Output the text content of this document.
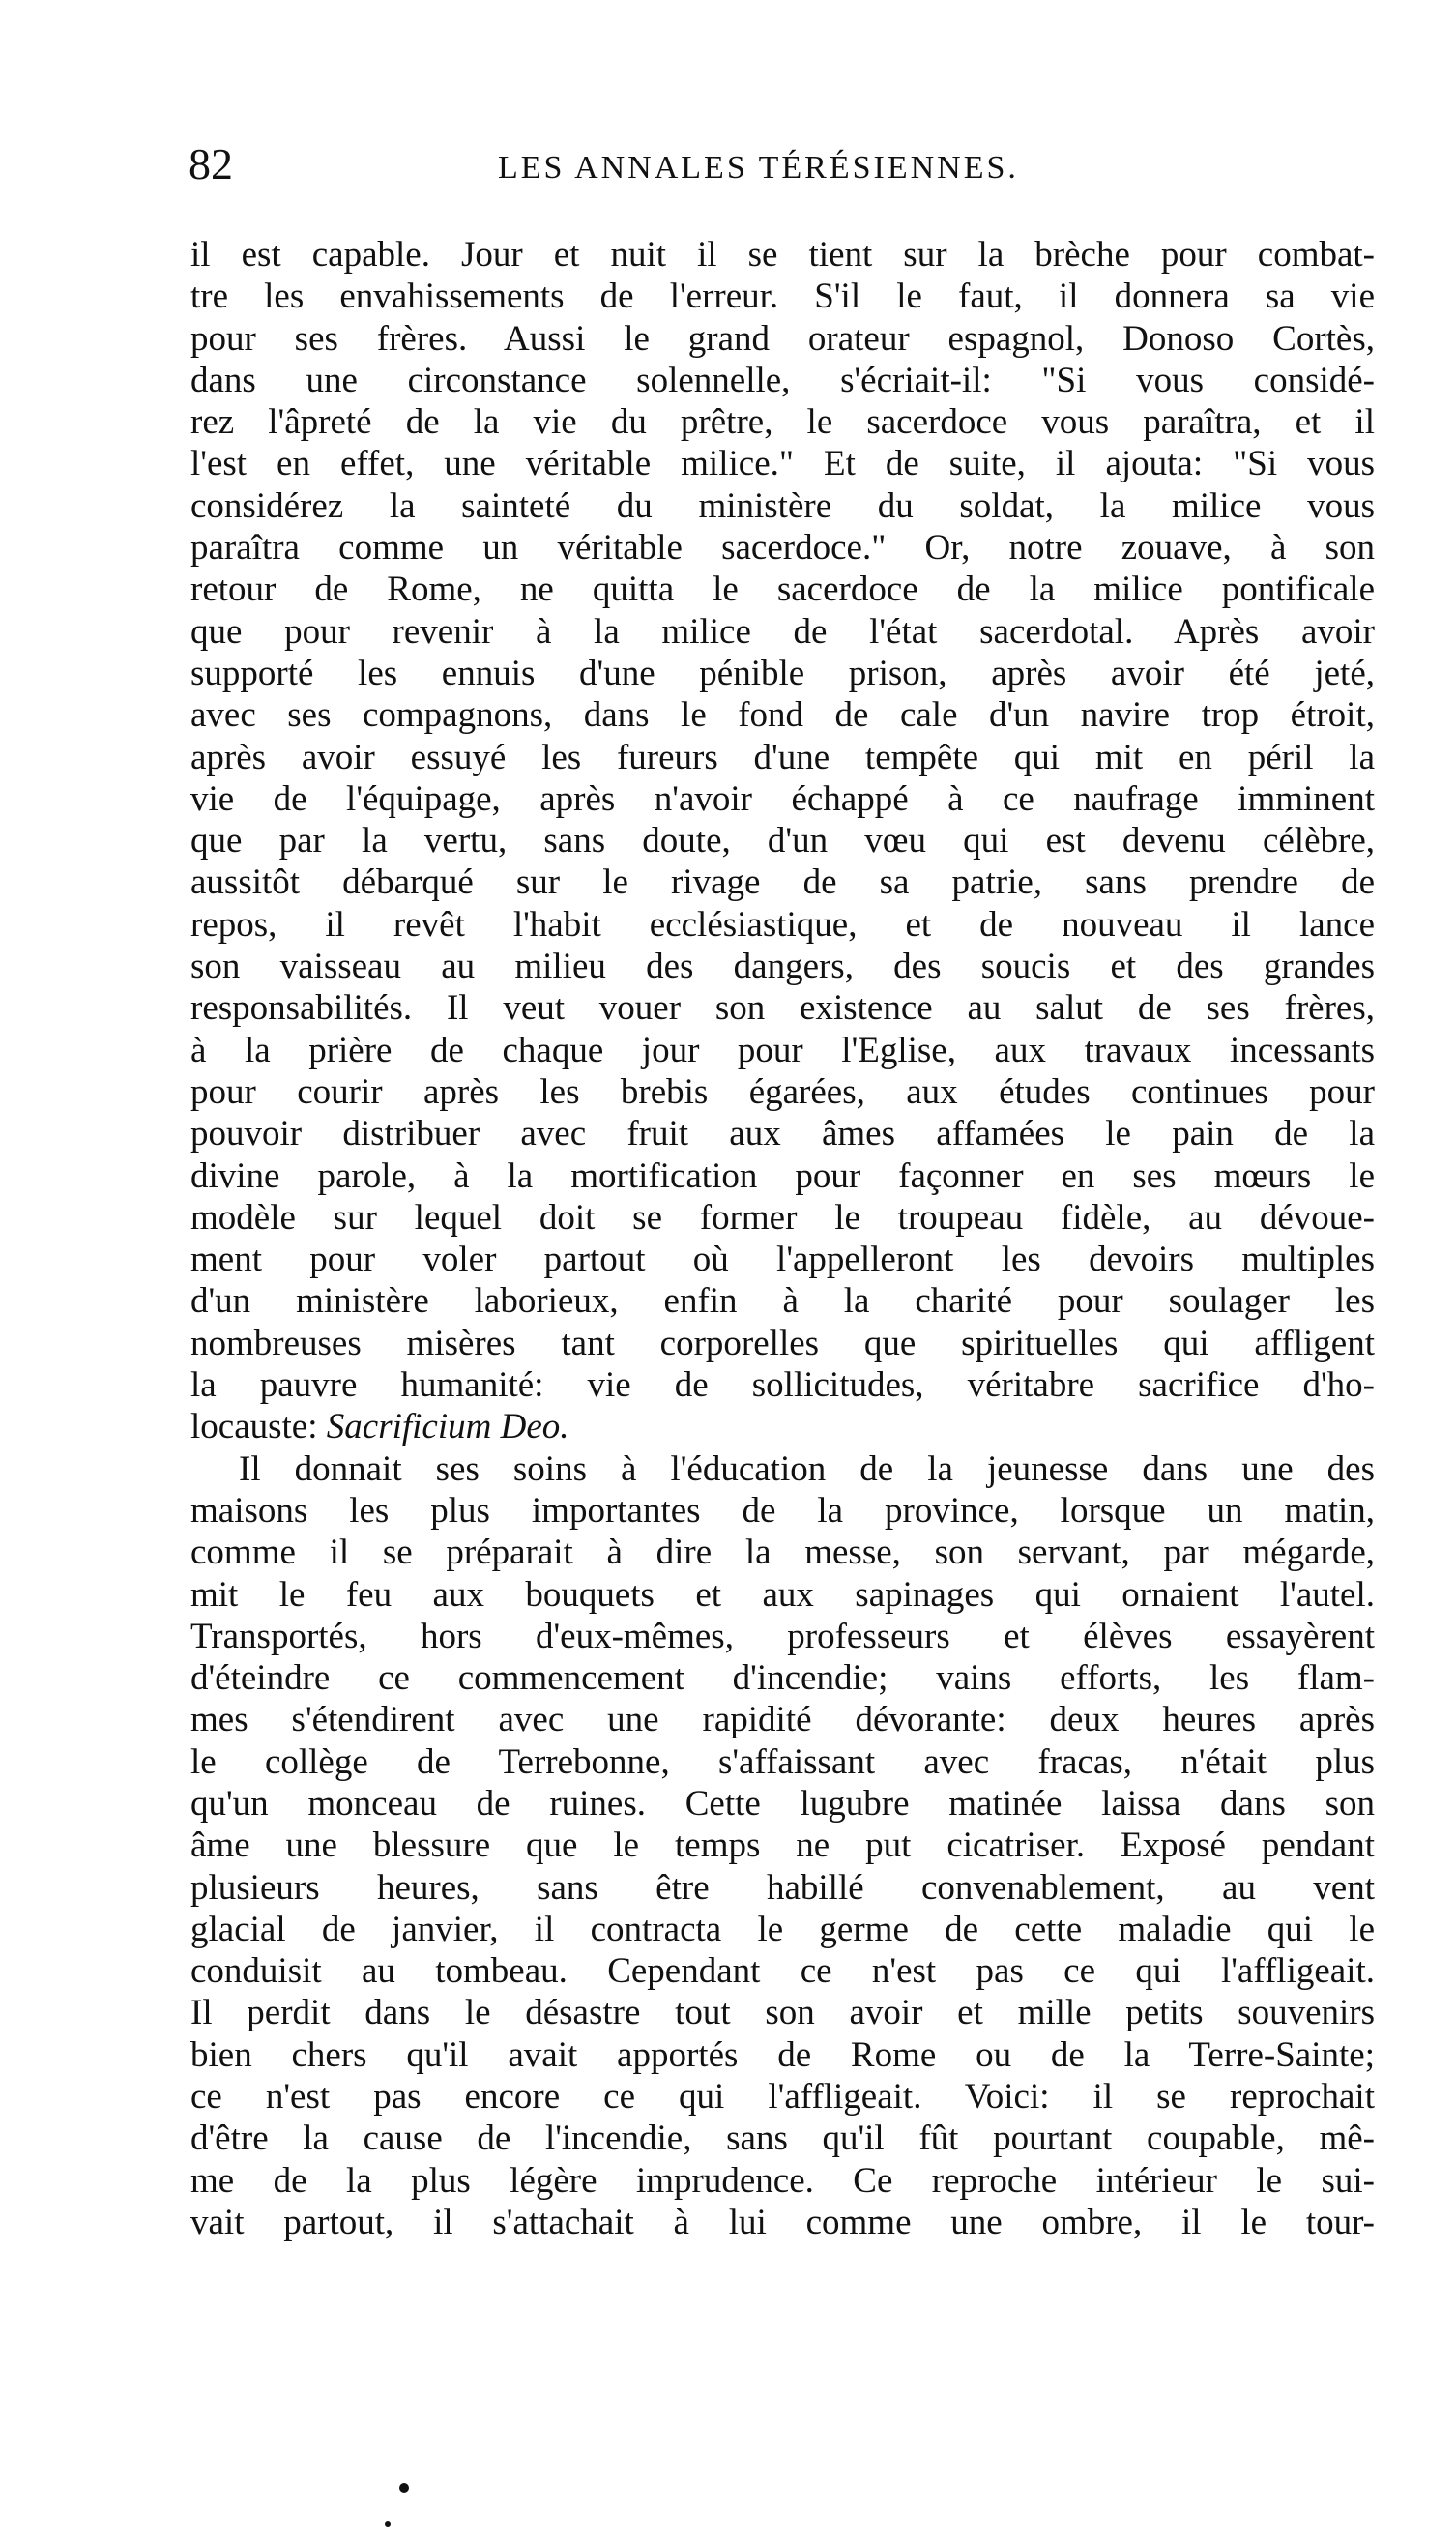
82	LES ANNALES TÉRÉSIENNES.
il est capable. Jour et nuit il se tient sur la brèche pour combat-
tre les envahissements de l'erreur. S'il le faut, il donnera sa vie
pour ses frères. Aussi le grand orateur espagnol, Donoso Cortès,
dans une circonstance solennelle, s'écriait-il: "Si vous considé-
rez l'âpreté de la vie du prêtre, le sacerdoce vous paraîtra, et il
l'est en effet, une véritable milice." Et de suite, il ajouta: "Si vous
considérez la sainteté du ministère du soldat, la milice vous
paraîtra comme un véritable sacerdoce." Or, notre zouave, à son
retour de Rome, ne quitta le sacerdoce de la milice pontificale
que pour revenir à la milice de l'état sacerdotal. Après avoir
supporté les ennuis d'une pénible prison, après avoir été jeté,
avec ses compagnons, dans le fond de cale d'un navire trop étroit,
après avoir essuyé les fureurs d'une tempête qui mit en péril la
vie de l'équipage, après n'avoir échappé à ce naufrage imminent
que par la vertu, sans doute, d'un vœu qui est devenu célèbre,
aussitôt débarqué sur le rivage de sa patrie, sans prendre de
repos, il revêt l'habit ecclésiastique, et de nouveau il lance
son vaisseau au milieu des dangers, des soucis et des grandes
responsabilités. Il veut vouer son existence au salut de ses frères,
à la prière de chaque jour pour l'Eglise, aux travaux incessants
pour courir après les brebis égarées, aux études continues pour
pouvoir distribuer avec fruit aux âmes affamées le pain de la
divine parole, à la mortification pour façonner en ses mœurs le
modèle sur lequel doit se former le troupeau fidèle, au dévoue-
ment pour voler partout où l'appelleront les devoirs multiples
d'un ministère laborieux, enfin à la charité pour soulager les
nombreuses misères tant corporelles que spirituelles qui affligent
la pauvre humanité: vie de sollicitudes, véritabre sacrifice d'ho-
locauste: Sacrificium Deo.
Il donnait ses soins à l'éducation de la jeunesse dans une des
maisons les plus importantes de la province, lorsque un matin,
comme il se préparait à dire la messe, son servant, par mégarde,
mit le feu aux bouquets et aux sapinages qui ornaient l'autel.
Transportés, hors d'eux-mêmes, professeurs et élèves essayèrent
d'éteindre ce commencement d'incendie; vains efforts, les flam-
mes s'étendirent avec une rapidité dévorante: deux heures après
le collège de Terrebonne, s'affaissant avec fracas, n'était plus
qu'un monceau de ruines. Cette lugubre matinée laissa dans son
âme une blessure que le temps ne put cicatriser. Exposé pendant
plusieurs heures, sans être habillé convenablement, au vent
glacial de janvier, il contracta le germe de cette maladie qui le
conduisit au tombeau. Cependant ce n'est pas ce qui l'affligeait.
Il perdit dans le désastre tout son avoir et mille petits souvenirs
bien chers qu'il avait apportés de Rome ou de la Terre-Sainte;
ce n'est pas encore ce qui l'affligeait. Voici: il se reprochait
d'être la cause de l'incendie, sans qu'il fût pourtant coupable, mê-
me de la plus légère imprudence. Ce reproche intérieur le sui-
vait partout, il s'attachait à lui comme une ombre, il le tour-
